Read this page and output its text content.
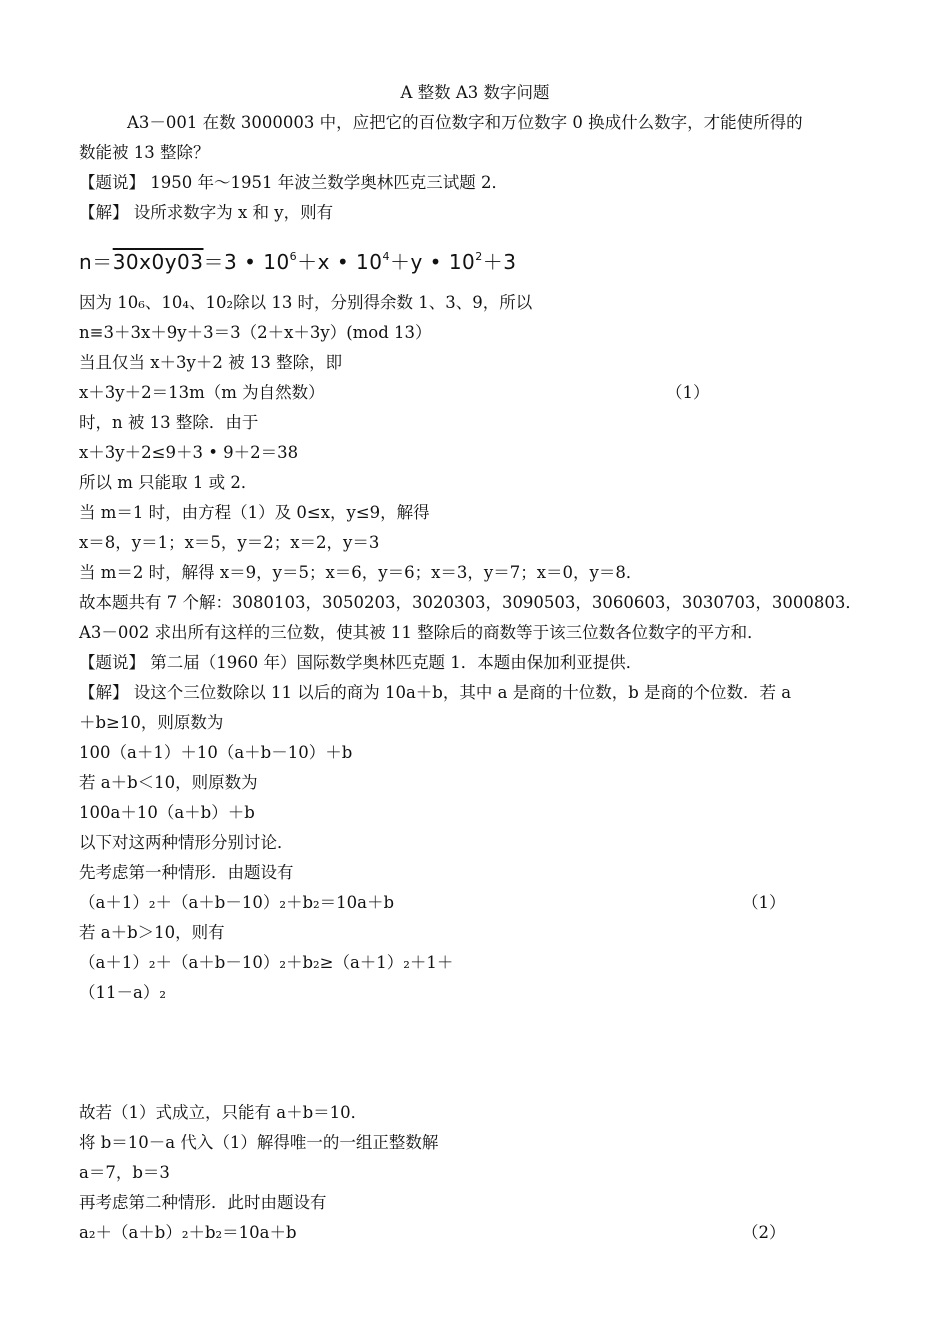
A 整数 A3 数字问题

A3－001 在数 3000003 中，应把它的百位数字和万位数字 0 换成什么数字，才能使所得的

数能被 13 整除？

【题说】 1950 年～1951 年波兰数学奥林匹克三试题 2．

【解】 设所求数字为 x 和 y，则有

n＝30x0y03＝3 • $10^6+x$ • $10^4+y$ • $10^2+3$

因为 10₆、10₄、10₂除以 13 时，分别得余数 1、3、9，所以

n≡3＋3x＋9y＋3＝3（2＋x＋3y）(mod 13）

当且仅当 x＋3y＋2 被 13 整除，即

x＋3y＋2＝13m（m 为自然数）	（1）

时，n 被 13 整除．由于

x＋3y＋2≤9＋3 • 9＋2＝38

所以 m 只能取 1 或 2．

当 m＝1 时，由方程（1）及 0≤x，y≤9，解得

x＝8，y＝1；x＝5，y＝2；x＝2，y＝3

当 m＝2 时，解得 x＝9，y＝5；x＝6，y＝6；x＝3，y＝7；x＝0，y＝8．

故本题共有 7 个解：3080103，3050203，3020303，3090503，3060603，3030703，3000803．

A3－002 求出所有这样的三位数，使其被 11 整除后的商数等于该三位数各位数字的平方和．

【题说】 第二届（1960 年）国际数学奥林匹克题 1．本题由保加利亚提供．

【解】 设这个三位数除以 11 以后的商为 10a＋b，其中 a 是商的十位数，b 是商的个位数．若 a

＋b≥10，则原数为

100（a＋1）＋10（a＋b－10）＋b

若 a＋b＜10，则原数为

100a＋10（a＋b）＋b

以下对这两种情形分别讨论．

先考虑第一种情形．由题设有

（a＋1）₂＋（a＋b－10）₂＋b₂＝10a＋b	（1）

若 a＋b＞10，则有

（a＋1）₂＋（a＋b－10）₂＋b₂≥（a＋1）₂＋1＋

（11－a）₂

故若（1）式成立，只能有 a＋b＝10．

将 b＝10－a 代入（1）解得唯一的一组正整数解

a＝7，b＝3

再考虑第二种情形．此时由题设有

a₂＋（a＋b）₂＋b₂＝10a＋b	（2）
